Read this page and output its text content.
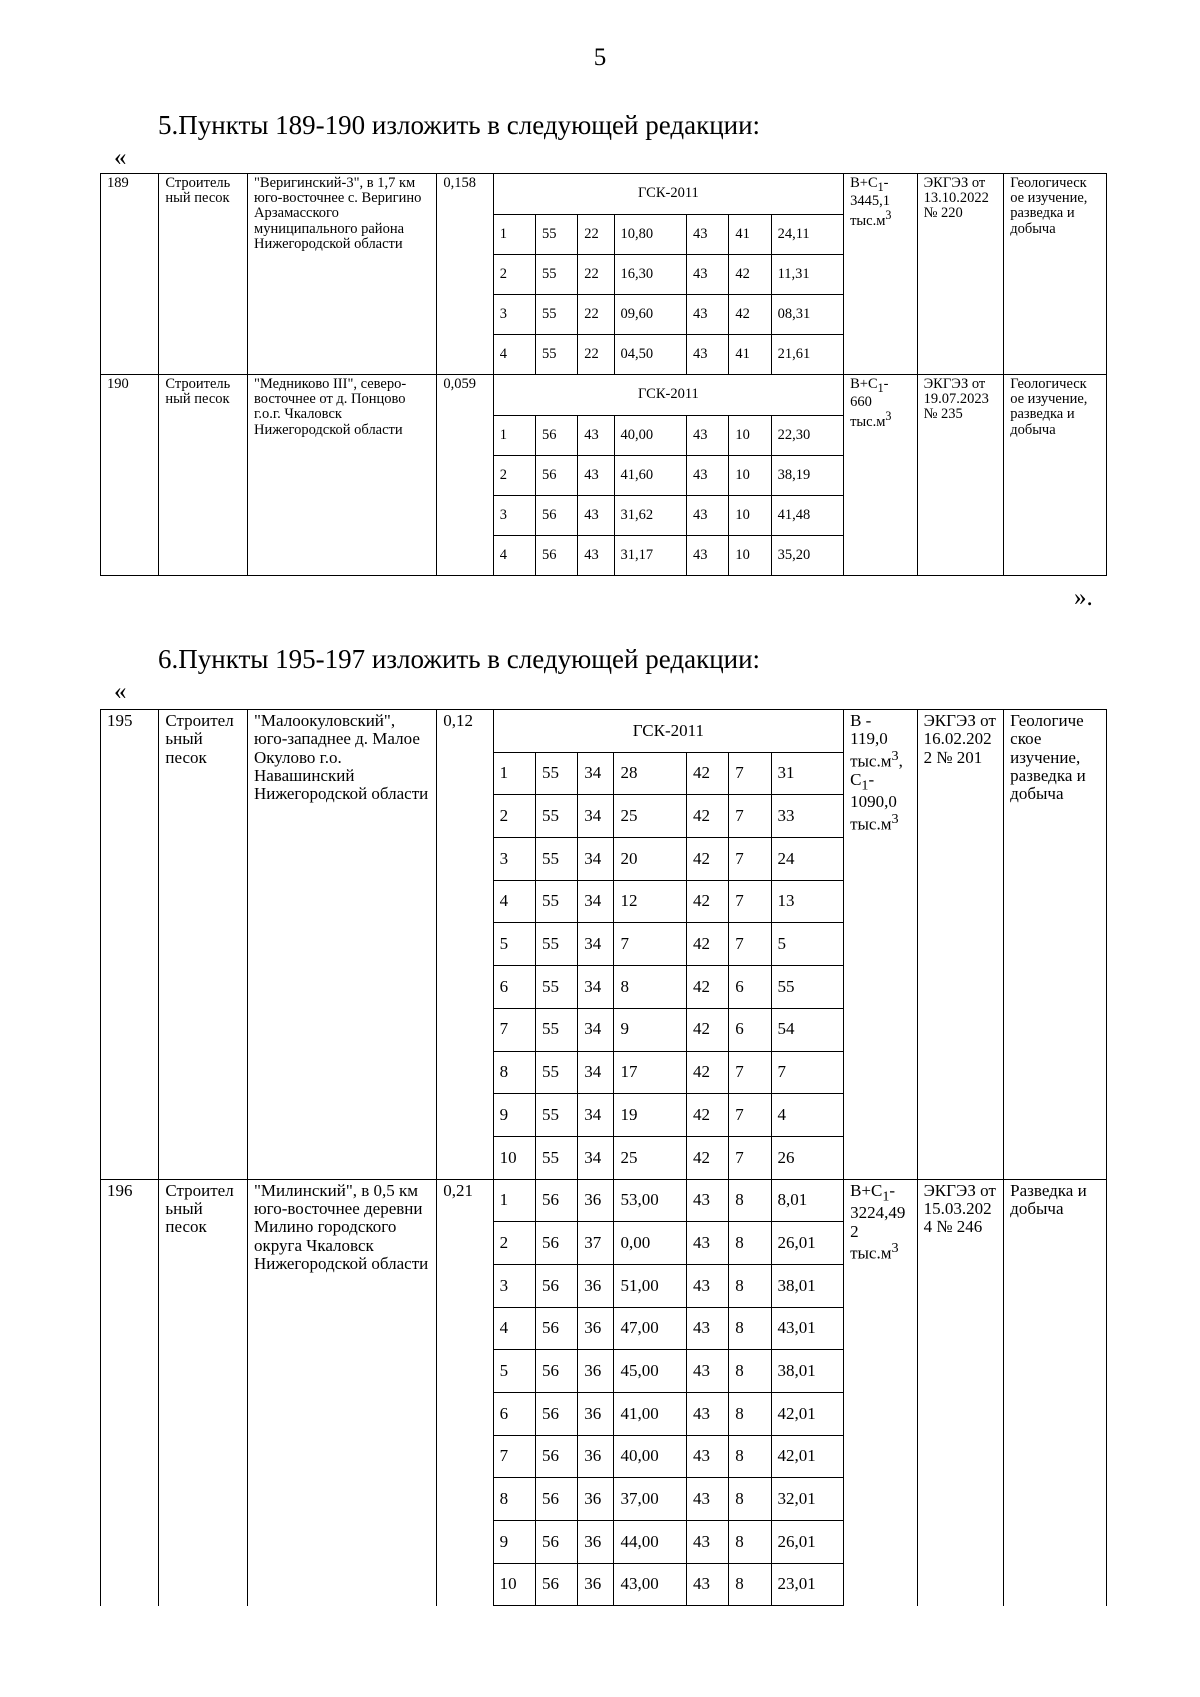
5
5.Пункты 189-190 изложить в следующей редакции:
«
189	Строитель ный песок	"Веригинский-3", в 1,7 км юго-восточнее с. Веригино Арзамасского муниципального района Нижегородской области	0,158	ГСК-2011							$В+С_1-$ 3445,1 $тыс.м^3$	ЭКГЭЗ от 13.10.2022 № 220	Геологическ ое изучение, разведка и добыча
				1	55	22	10,80	43	41	24,11			
				2	55	22	16,30	43	42	11,31			
				3	55	22	09,60	43	42	08,31			
				4	55	22	04,50	43	41	21,61			
190	Строитель ный песок	"Медниково III", северо-восточнее от д. Понцово г.о.г. Чкаловск Нижегородской области	0,059	ГСК-2011							$В+С_1-$ 660 $тыс.м^3$	ЭКГЭЗ от 19.07.2023 № 235	Геологическ ое изучение, разведка и добыча
				1	56	43	40,00	43	10	22,30			
				2	56	43	41,60	43	10	38,19			
				3	56	43	31,62	43	10	41,48			
				4	56	43	31,17	43	10	35,20			
».
6.Пункты 195-197 изложить в следующей редакции:
«
195	Строител ьный песок	"Малоокуловский", юго-западнее д. Малое Окулово г.о. Навашинский Нижегородской области	0,12	ГСК-2011							В - 119,0 $тыс.м^3$, $С_1-$ 1090,0 $тыс.м^3$	ЭКГЭЗ от 16.02.202 2 № 201	Геологиче ское изучение, разведка и добыча
				1	55	34	28	42	7	31			
				2	55	34	25	42	7	33			
				3	55	34	20	42	7	24			
				4	55	34	12	42	7	13			
				5	55	34	7	42	7	5			
				6	55	34	8	42	6	55			
				7	55	34	9	42	6	54			
				8	55	34	17	42	7	7			
				9	55	34	19	42	7	4			
				10	55	34	25	42	7	26			
196	Строител ьный песок	"Милинский", в 0,5 км юго-восточнее деревни Милино городского округа Чкаловск Нижегородской области	0,21	1	56	36	53,00	43	8	8,01	$В+С_1-$ 3224,49 2 $тыс.м^3$	ЭКГЭЗ от 15.03.202 4 № 246	Разведка и добыча
				2	56	37	0,00	43	8	26,01			
				3	56	36	51,00	43	8	38,01			
				4	56	36	47,00	43	8	43,01			
				5	56	36	45,00	43	8	38,01			
				6	56	36	41,00	43	8	42,01			
				7	56	36	40,00	43	8	42,01			
				8	56	36	37,00	43	8	32,01			
				9	56	36	44,00	43	8	26,01			
				10	56	36	43,00	43	8	23,01			
